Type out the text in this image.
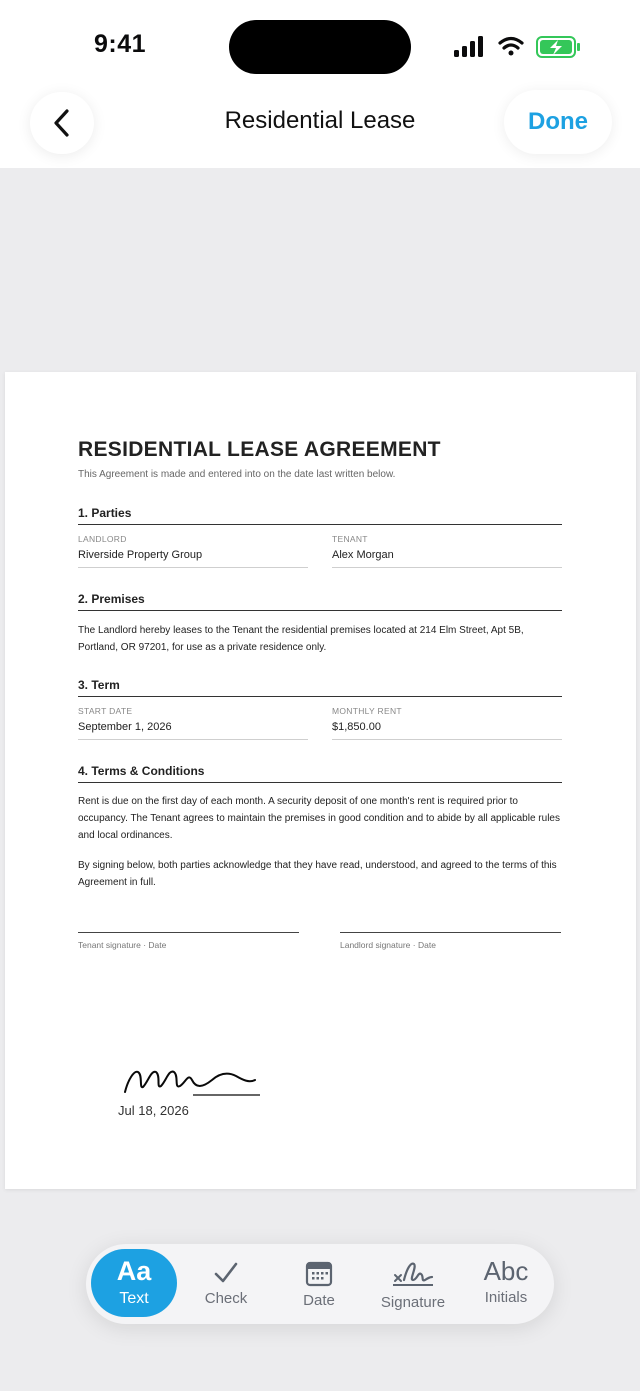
9:41
Residential Lease	Done
RESIDENTIAL LEASE AGREEMENT
This Agreement is made and entered into on the date last written below.
1. Parties
LANDLORD
Riverside Property Group
TENANT
Alex Morgan
2. Premises
The Landlord hereby leases to the Tenant the residential premises located at 214 Elm Street, Apt 5B, Portland, OR 97201, for use as a private residence only.
3. Term
START DATE
September 1, 2026
MONTHLY RENT
$1,850.00
4. Terms & Conditions
Rent is due on the first day of each month. A security deposit of one month's rent is required prior to occupancy. The Tenant agrees to maintain the premises in good condition and to abide by all applicable rules and local ordinances.
By signing below, both parties acknowledge that they have read, understood, and agreed to the terms of this Agreement in full.
Tenant signature · Date	Landlord signature · Date
Jul 18, 2026
Aa
Text	Check	Date	Signature
Abc
Initials
